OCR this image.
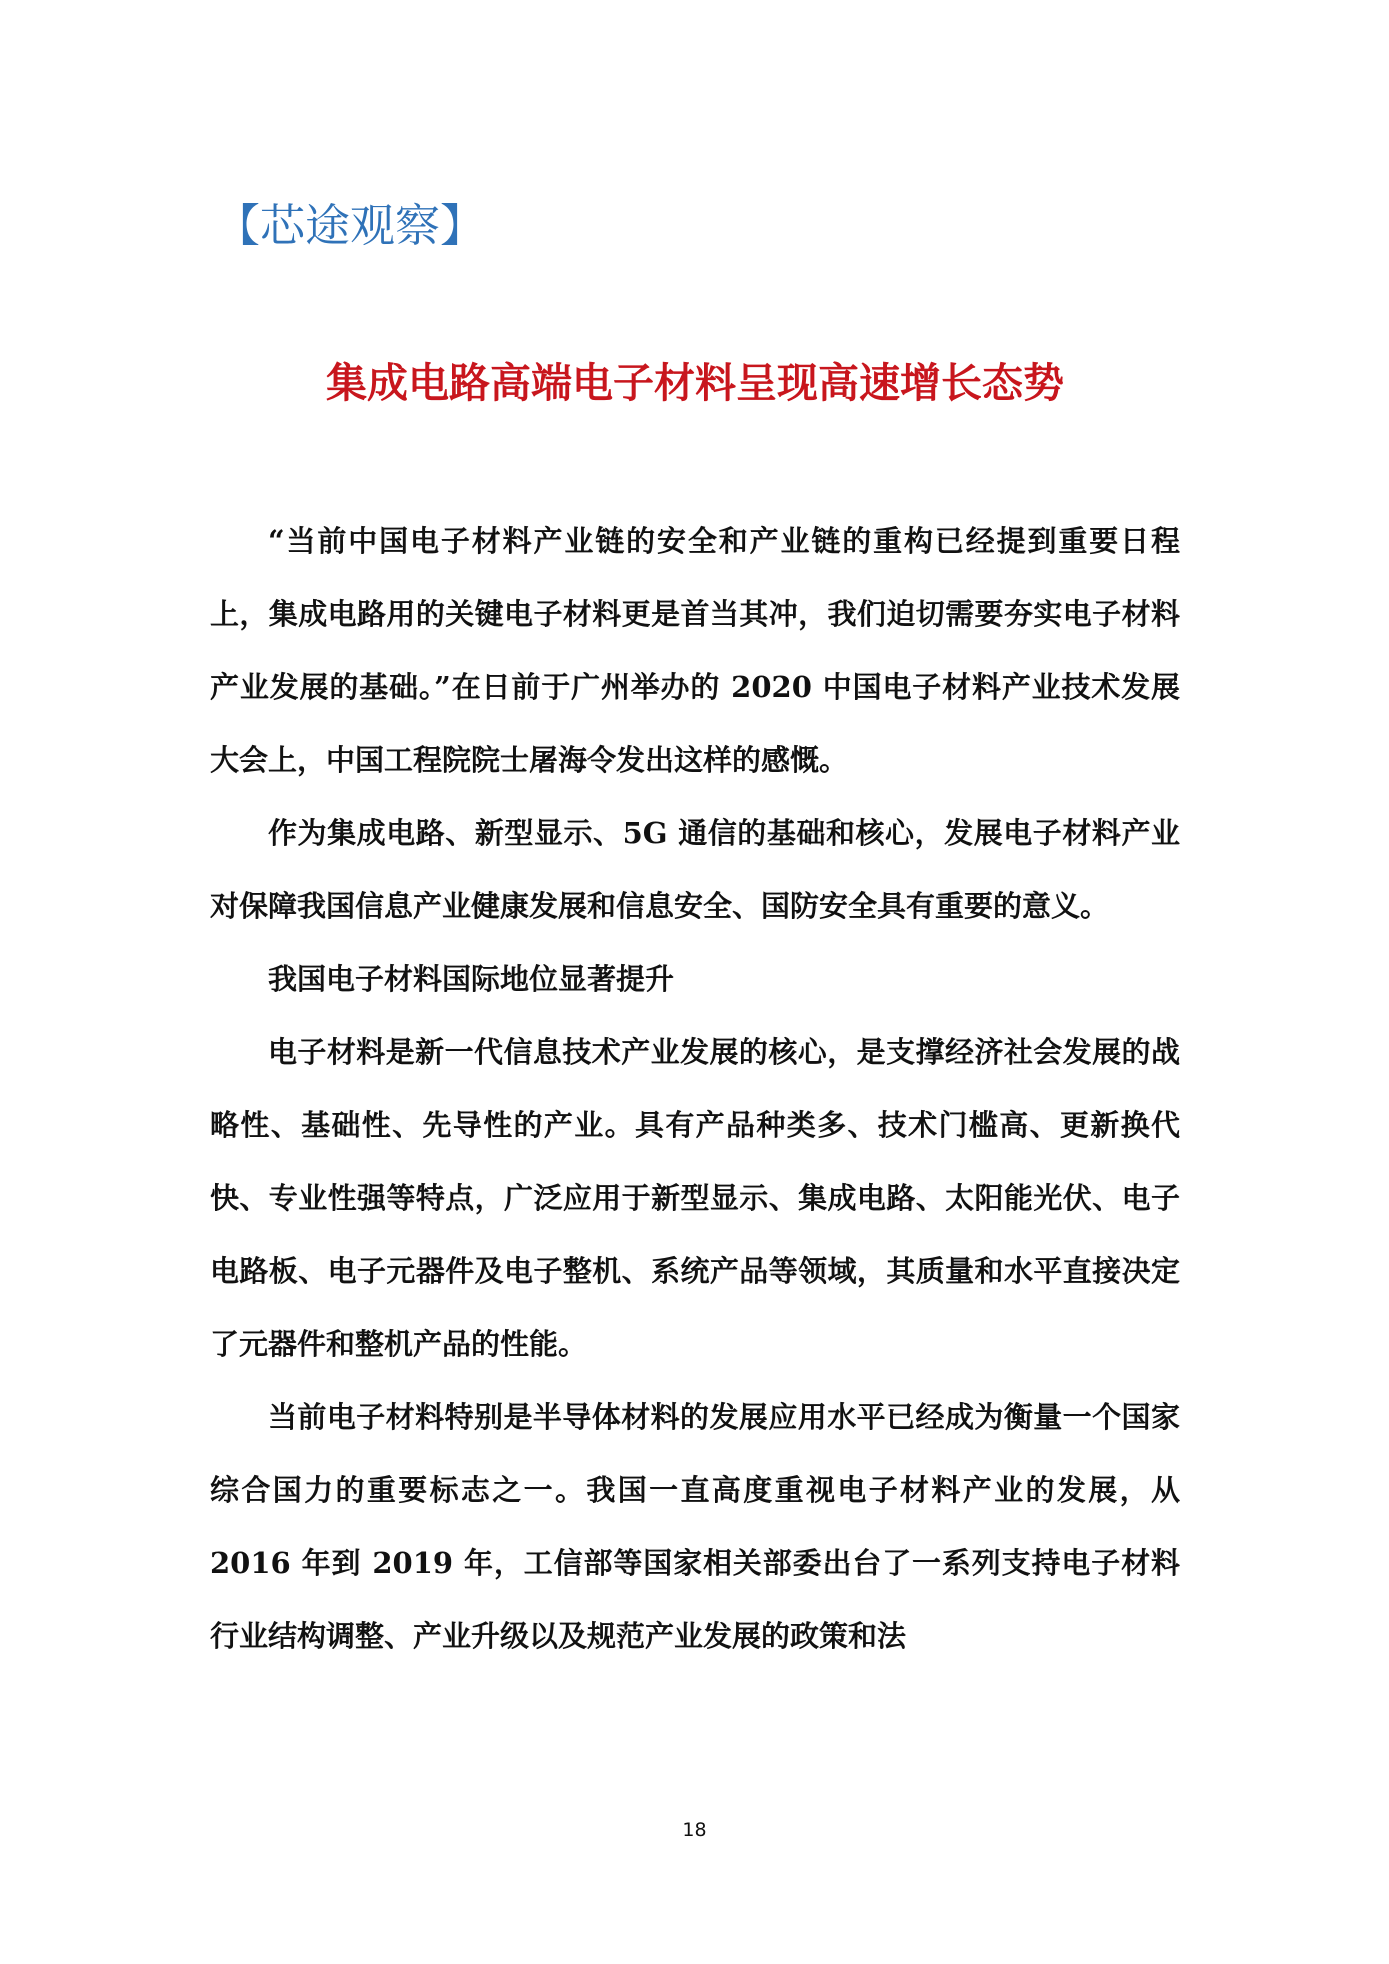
【芯途观察】
集成电路高端电子材料呈现高速增长态势

“当前中国电子材料产业链的安全和产业链的重构已经提到重要日程上，集成电路用的关键电子材料更是首当其冲，我们迫切需要夯实电子材料产业发展的基础。”在日前于广州举办的 2020 中国电子材料产业技术发展大会上，中国工程院院士屠海令发出这样的感慨。

作为集成电路、新型显示、5G 通信的基础和核心，发展电子材料产业对保障我国信息产业健康发展和信息安全、国防安全具有重要的意义。

我国电子材料国际地位显著提升

电子材料是新一代信息技术产业发展的核心，是支撑经济社会发展的战略性、基础性、先导性的产业。具有产品种类多、技术门槛高、更新换代快、专业性强等特点，广泛应用于新型显示、集成电路、太阳能光伏、电子电路板、电子元器件及电子整机、系统产品等领域，其质量和水平直接决定了元器件和整机产品的性能。

当前电子材料特别是半导体材料的发展应用水平已经成为衡量一个国家综合国力的重要标志之一。我国一直高度重视电子材料产业的发展，从 2016 年到 2019 年，工信部等国家相关部委出台了一系列支持电子材料行业结构调整、产业升级以及规范产业发展的政策和法

18
